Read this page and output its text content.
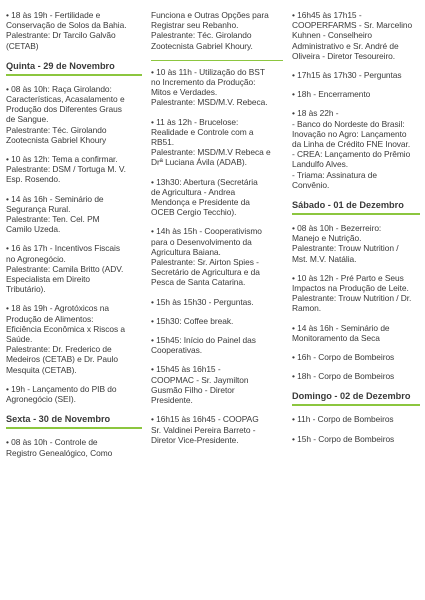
• 18 às 19h - Fertilidade e
Conservação de Solos da Bahia.
Palestrante: Dr Tarcilo Galvão
(CETAB)
Quinta - 29 de Novembro
• 08 às 10h: Raça Girolando:
Características, Acasalamento e
Produção dos Diferentes Graus
de Sangue.
Palestrante: Téc. Girolando
Zootecnista Gabriel Khoury
• 10 às 12h: Tema a confirmar.
Palestrante: DSM / Tortuga M. V.
Esp. Rosendo.
• 14 às 16h - Seminário de
Segurança Rural.
Palestrante: Ten. Cel. PM
Camilo Uzeda.
• 16 às 17h - Incentivos Fiscais
no Agronegócio.
Palestrante: Camila Britto (ADV.
Especialista em Direito
Tributário).
• 18 às 19h - Agrotóxicos na
Produção de Alimentos:
Eficiência Econômica x Riscos a
Saúde.
Palestrante: Dr. Frederico de
Medeiros (CETAB) e Dr. Paulo
Mesquita (CETAB).
• 19h - Lançamento do PIB do
Agronegócio (SEI).
Sexta - 30 de Novembro
• 08 às 10h - Controle de
Registro Genealógico, Como
Funciona e Outras Opções para
Registrar seu Rebanho.
Palestrante: Téc. Girolando
Zootecnista Gabriel Khoury.
• 10 às 11h - Utilização do BST
no Incremento da Produção:
Mitos e Verdades.
Palestrante: MSD/M.V. Rebeca.
• 11 às 12h - Brucelose:
Realidade e Controle com a
RB51.
Palestrante: MSD/M.V Rebeca e
Drª Luciana Ávila (ADAB).
• 13h30: Abertura (Secretária
de Agricultura - Andrea
Mendonça e Presidente da
OCEB Cergio Tecchio).
• 14h às 15h - Cooperativismo
para o Desenvolvimento da
Agricultura Baiana.
Palestrante: Sr. Airton Spies -
Secretário de Agricultura e da
Pesca de Santa Catarina.
• 15h às 15h30 - Perguntas.
• 15h30: Coffee break.
• 15h45: Início do Painel das
Cooperativas.
• 15h45 às 16h15 -
COOPMAC - Sr. Jaymilton
Gusmão Filho - Diretor
Presidente.
• 16h15 às 16h45 - COOPAG
Sr. Valdinei Pereira Barreto -
Diretor Vice-Presidente.
• 16h45 às 17h15 -
COOPERFARMS - Sr. Marcelino
Kuhnen - Conselheiro
Administrativo e Sr. André de
Oliveira - Diretor Tesoureiro.
• 17h15 às 17h30 - Perguntas
• 18h - Encerramento
• 18 às 22h -
- Banco do Nordeste do Brasil:
Inovação no Agro: Lançamento
da Linha de Crédito FNE Inovar.
- CREA: Lançamento do Prêmio
Landulfo Alves.
- Triama: Assinatura de
Convênio.
Sábado - 01 de Dezembro
• 08 às 10h - Bezerreiro:
Manejo e Nutrição.
Palestrante: Trouw Nutrition /
Mst. M.V. Natália.
• 10 às 12h - Pré Parto e Seus
Impactos na Produção de Leite.
Palestrante: Trouw Nutrition / Dr.
Ramon.
• 14 às 16h - Seminário de
Monitoramento da Seca
• 16h - Corpo de Bombeiros
• 18h - Corpo de Bombeiros
Domingo - 02 de Dezembro
• 11h - Corpo de Bombeiros
• 15h - Corpo de Bombeiros
